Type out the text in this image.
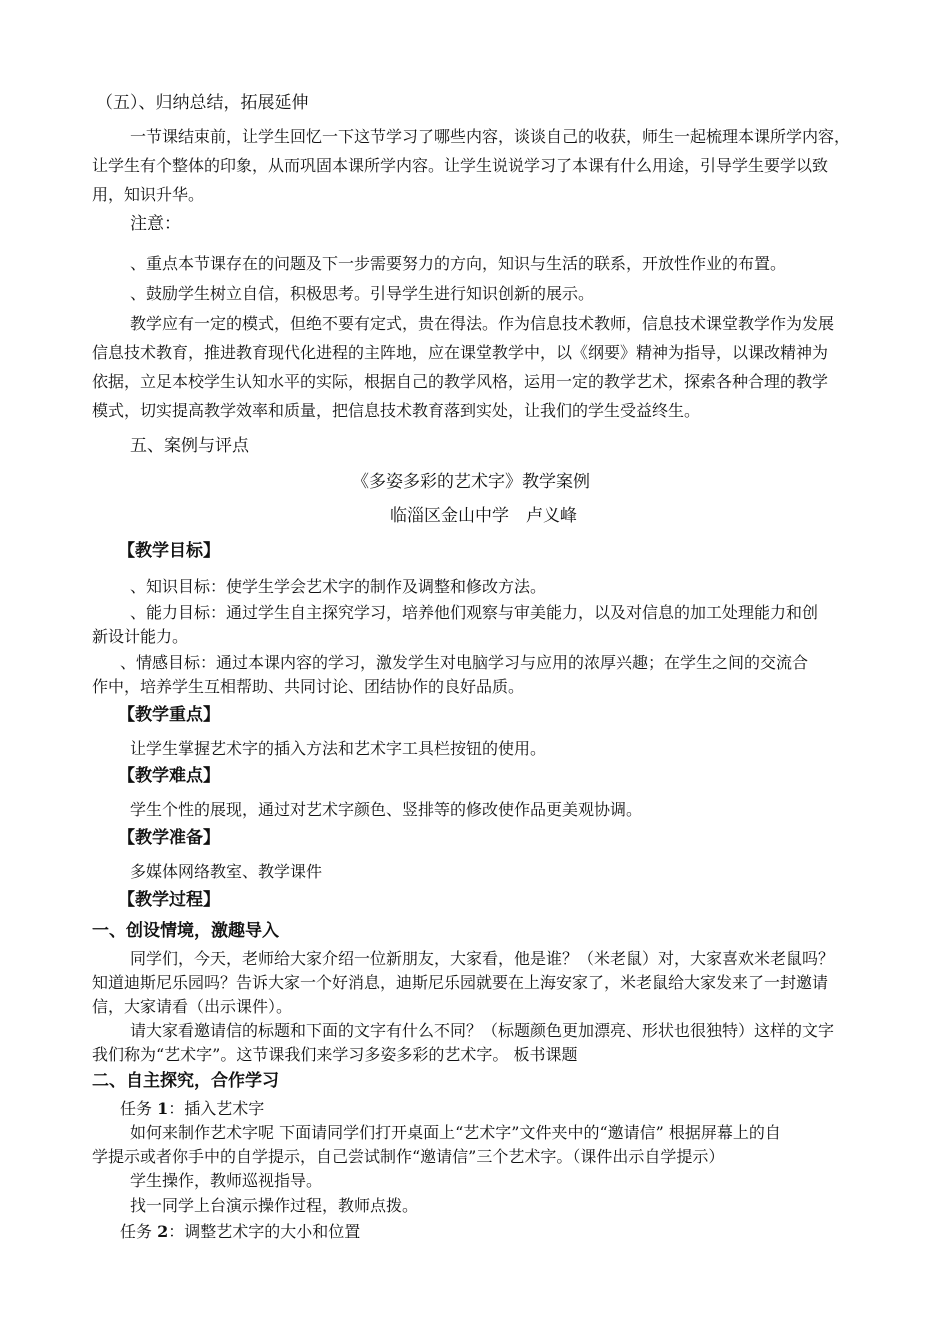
（五）、归纳总结，拓展延伸
一节课结束前，让学生回忆一下这节学习了哪些内容，谈谈自己的收获，师生一起梳理本课所学内容，
让学生有个整体的印象，从而巩固本课所学内容。让学生说说学习了本课有什么用途，引导学生要学以致
用，知识升华。
注意：
、重点本节课存在的问题及下一步需要努力的方向，知识与生活的联系，开放性作业的布置。
、鼓励学生树立自信，积极思考。引导学生进行知识创新的展示。
教学应有一定的模式，但绝不要有定式，贵在得法。作为信息技术教师，信息技术课堂教学作为发展
信息技术教育，推进教育现代化进程的主阵地，应在课堂教学中，以《纲要》精神为指导，以课改精神为
依据，立足本校学生认知水平的实际，根据自己的教学风格，运用一定的教学艺术，探索各种合理的教学
模式，切实提高教学效率和质量，把信息技术教育落到实处，让我们的学生受益终生。
五、案例与评点
《多姿多彩的艺术字》教学案例
临淄区金山中学　卢义峰
【教学目标】
、知识目标：使学生学会艺术字的制作及调整和修改方法。
、能力目标：通过学生自主探究学习，培养他们观察与审美能力，以及对信息的加工处理能力和创
新设计能力。
、情感目标：通过本课内容的学习，激发学生对电脑学习与应用的浓厚兴趣；在学生之间的交流合
作中，培养学生互相帮助、共同讨论、团结协作的良好品质。
【教学重点】
让学生掌握艺术字的插入方法和艺术字工具栏按钮的使用。
【教学难点】
学生个性的展现，通过对艺术字颜色、竖排等的修改使作品更美观协调。
【教学准备】
多媒体网络教室、教学课件
【教学过程】
一、创设情境，激趣导入
同学们，今天，老师给大家介绍一位新朋友，大家看，他是谁？（米老鼠）对，大家喜欢米老鼠吗？
知道迪斯尼乐园吗？告诉大家一个好消息，迪斯尼乐园就要在上海安家了，米老鼠给大家发来了一封邀请
信，大家请看（出示课件）。
请大家看邀请信的标题和下面的文字有什么不同？（标题颜色更加漂亮、形状也很独特）这样的文字
我们称为“艺术字”。这节课我们来学习多姿多彩的艺术字。 板书课题
二、自主探究，合作学习
任务 1：插入艺术字
如何来制作艺术字呢 下面请同学们打开桌面上“艺术字”文件夹中的“邀请信” 根据屏幕上的自
学提示或者你手中的自学提示，自己尝试制作“邀请信”三个艺术字。（课件出示自学提示）
学生操作，教师巡视指导。
找一同学上台演示操作过程，教师点拨。
任务 2：调整艺术字的大小和位置
